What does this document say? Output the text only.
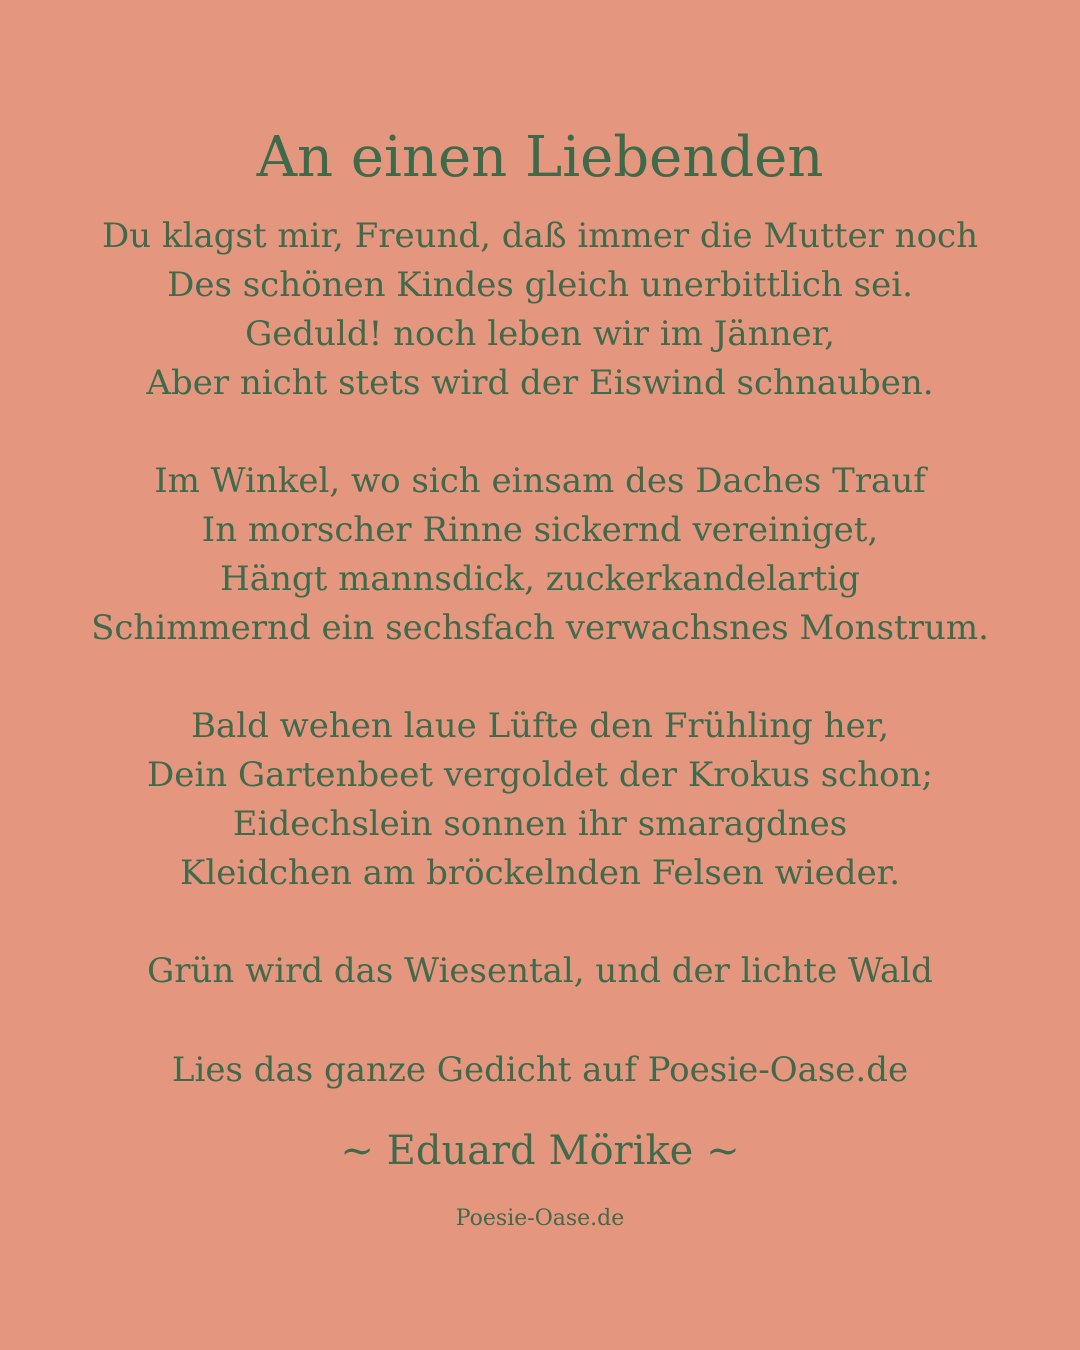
An einen Liebenden
Du klagst mir, Freund, daß immer die Mutter noch
Des schönen Kindes gleich unerbittlich sei.
Geduld! noch leben wir im Jänner,
Aber nicht stets wird der Eiswind schnauben.
Im Winkel, wo sich einsam des Daches Trauf
In morscher Rinne sickernd vereiniget,
Hängt mannsdick, zuckerkandelartig
Schimmernd ein sechsfach verwachsnes Monstrum.
Bald wehen laue Lüfte den Frühling her,
Dein Gartenbeet vergoldet der Krokus schon;
Eidechslein sonnen ihr smaragdnes
Kleidchen am bröckelnden Felsen wieder.
Grün wird das Wiesental, und der lichte Wald
Lies das ganze Gedicht auf Poesie-Oase.de
~ Eduard Mörike ~
Poesie-Oase.de
